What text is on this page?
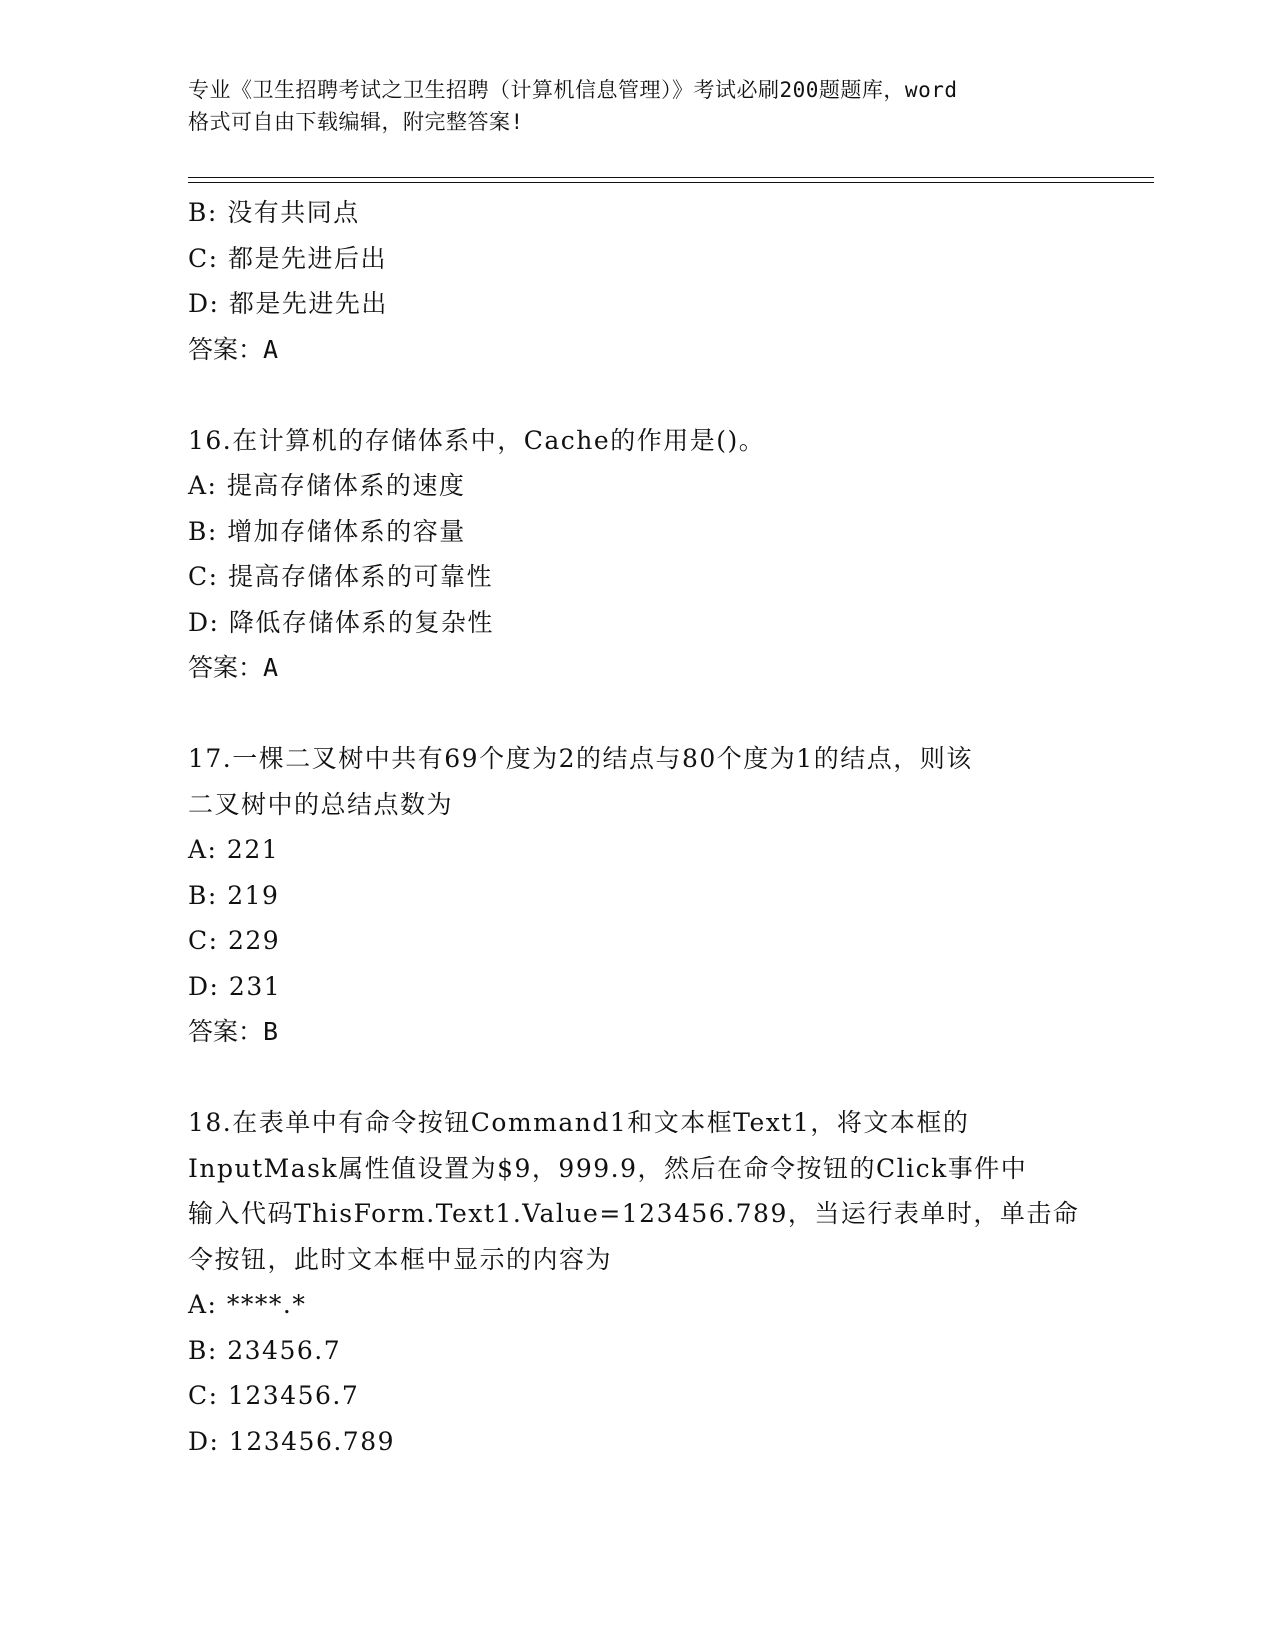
专业《卫生招聘考试之卫生招聘（计算机信息管理）》考试必刷200题题库，word
格式可自由下载编辑，附完整答案!
B: 没有共同点
C: 都是先进后出
D: 都是先进先出
答案：A
16.在计算机的存储体系中，Cache的作用是()。
A: 提高存储体系的速度
B: 增加存储体系的容量
C: 提高存储体系的可靠性
D: 降低存储体系的复杂性
答案：A
17.一棵二叉树中共有69个度为2的结点与80个度为1的结点，则该
二叉树中的总结点数为
A: 221
B: 219
C: 229
D: 231
答案：B
18.在表单中有命令按钮Command1和文本框Text1，将文本框的
InputMask属性值设置为$9，999.9，然后在命令按钮的Click事件中
输入代码ThisForm.Text1.Value=123456.789，当运行表单时，单击命
令按钮，此时文本框中显示的内容为
A: ****.*
B: 23456.7
C: 123456.7
D: 123456.789
